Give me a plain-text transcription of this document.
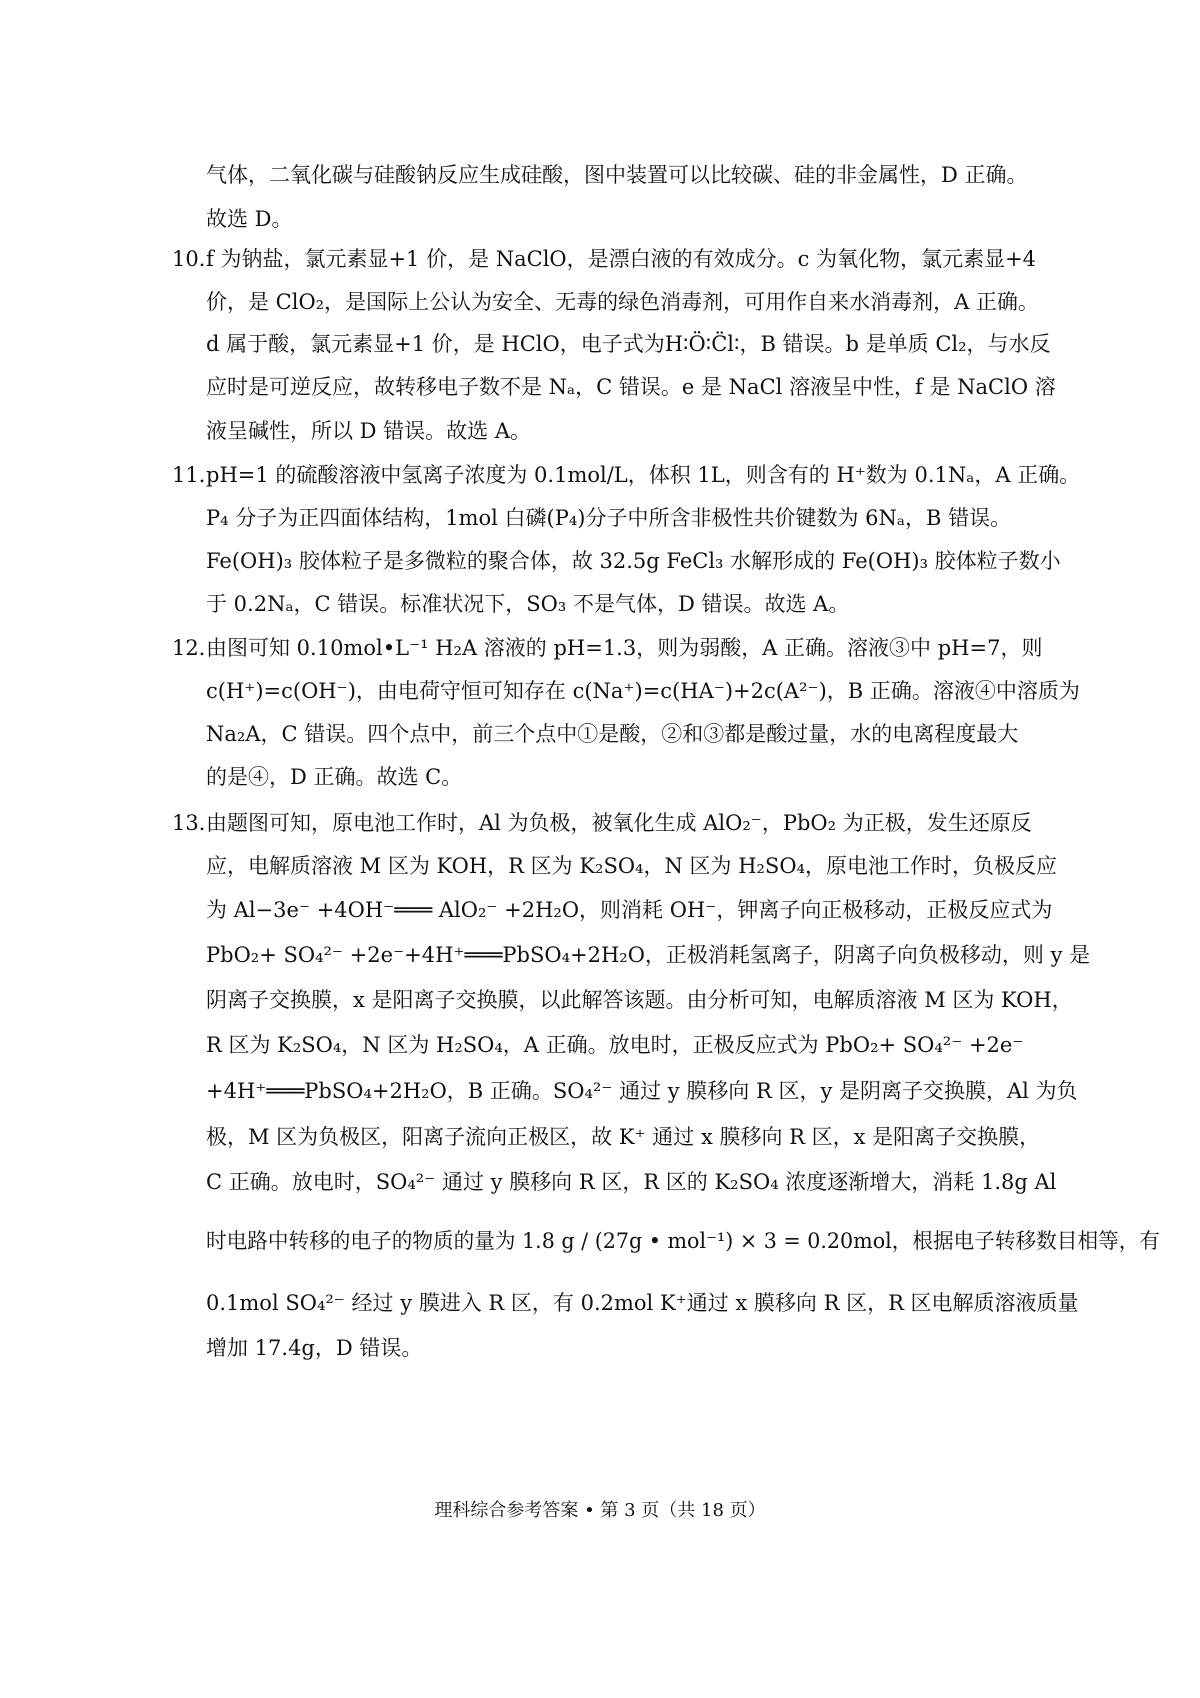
气体，二氧化碳与硅酸钠反应生成硅酸，图中装置可以比较碳、硅的非金属性，D 正确。
故选 D。
10．
f 为钠盐，氯元素显+1 价，是 NaClO，是漂白液的有效成分。c 为氧化物，氯元素显+4
价，是 ClO₂，是国际上公认为安全、无毒的绿色消毒剂，可用作自来水消毒剂，A 正确。
d 属于酸，氯元素显+1 价，是 HClO，电子式为H∶Ö∶C̈l∶，B 错误。b 是单质 Cl₂，与水反
应时是可逆反应，故转移电子数不是 Nₐ，C 错误。e 是 NaCl 溶液呈中性，f 是 NaClO 溶
液呈碱性，所以 D 错误。故选 A。
11．
pH=1 的硫酸溶液中氢离子浓度为 0.1mol/L，体积 1L，则含有的 H⁺数为 0.1Nₐ，A 正确。
P₄ 分子为正四面体结构，1mol 白磷(P₄)分子中所含非极性共价键数为 6Nₐ，B 错误。
Fe(OH)₃ 胶体粒子是多微粒的聚合体，故 32.5g FeCl₃ 水解形成的 Fe(OH)₃ 胶体粒子数小
于 0.2Nₐ，C 错误。标准状况下，SO₃ 不是气体，D 错误。故选 A。
12．
由图可知 0.10mol•L⁻¹ H₂A 溶液的 pH=1.3，则为弱酸，A 正确。溶液③中 pH=7，则
c(H⁺)=c(OH⁻)，由电荷守恒可知存在 c(Na⁺)=c(HA⁻)+2c(A²⁻)，B 正确。溶液④中溶质为
Na₂A，C 错误。四个点中，前三个点中①是酸，②和③都是酸过量，水的电离程度最大
的是④，D 正确。故选 C。
13．
由题图可知，原电池工作时，Al 为负极，被氧化生成 AlO₂⁻，PbO₂ 为正极，发生还原反
应，电解质溶液 M 区为 KOH，R 区为 K₂SO₄，N 区为 H₂SO₄，原电池工作时，负极反应
为 Al−3e⁻ +4OH⁻═══ AlO₂⁻ +2H₂O，则消耗 OH⁻，钾离子向正极移动，正极反应式为
PbO₂+ SO₄²⁻ +2e⁻+4H⁺═══PbSO₄+2H₂O，正极消耗氢离子，阴离子向负极移动，则 y 是
阴离子交换膜，x 是阳离子交换膜，以此解答该题。由分析可知，电解质溶液 M 区为 KOH，
R 区为 K₂SO₄，N 区为 H₂SO₄，A 正确。放电时，正极反应式为 PbO₂+ SO₄²⁻ +2e⁻
+4H⁺═══PbSO₄+2H₂O，B 正确。SO₄²⁻ 通过 y 膜移向 R 区，y 是阴离子交换膜，Al 为负
极，M 区为负极区，阳离子流向正极区，故 K⁺ 通过 x 膜移向 R 区，x 是阳离子交换膜，
C 正确。放电时，SO₄²⁻ 通过 y 膜移向 R 区，R 区的 K₂SO₄ 浓度逐渐增大，消耗 1.8g Al
时电路中转移的电子的物质的量为 1.8 g / (27g • mol⁻¹) × 3 = 0.20mol，根据电子转移数目相等，有
0.1mol SO₄²⁻ 经过 y 膜进入 R 区，有 0.2mol K⁺通过 x 膜移向 R 区，R 区电解质溶液质量
增加 17.4g，D 错误。
理科综合参考答案 • 第 3 页（共 18 页）
